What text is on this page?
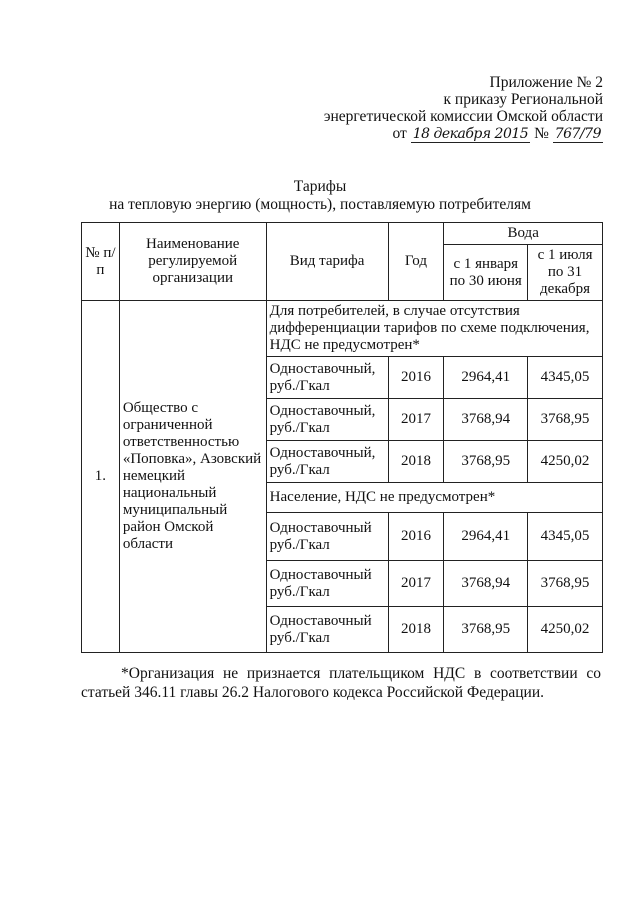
Приложение № 2
к приказу Региональной
энергетической комиссии Омской области
от 18 декабря 2015 № 767/79
Тарифы
на тепловую энергию (мощность), поставляемую потребителям
№ п/п	Наименование регулируемой организации	Вид тарифа	Год	Вода	
				с 1 января по 30 июня	с 1 июля по 31 декабря
1.	Общество с ограниченной ответственностью «Поповка», Азовский немецкий национальный муниципальный район Омской области	Для потребителей, в случае отсутствия дифференциации тарифов по схеме подключения, НДС не предусмотрен*			
		Одноставочный, руб./Гкал	2016	2964,41	4345,05
		Одноставочный, руб./Гкал	2017	3768,94	3768,95
		Одноставочный, руб./Гкал	2018	3768,95	4250,02
		Население, НДС не предусмотрен*			
		Одноставочный руб./Гкал	2016	2964,41	4345,05
		Одноставочный руб./Гкал	2017	3768,94	3768,95
		Одноставочный руб./Гкал	2018	3768,95	4250,02
*Организация не признается плательщиком НДС в соответствии со статьей 346.11 главы 26.2 Налогового кодекса Российской Федерации.
